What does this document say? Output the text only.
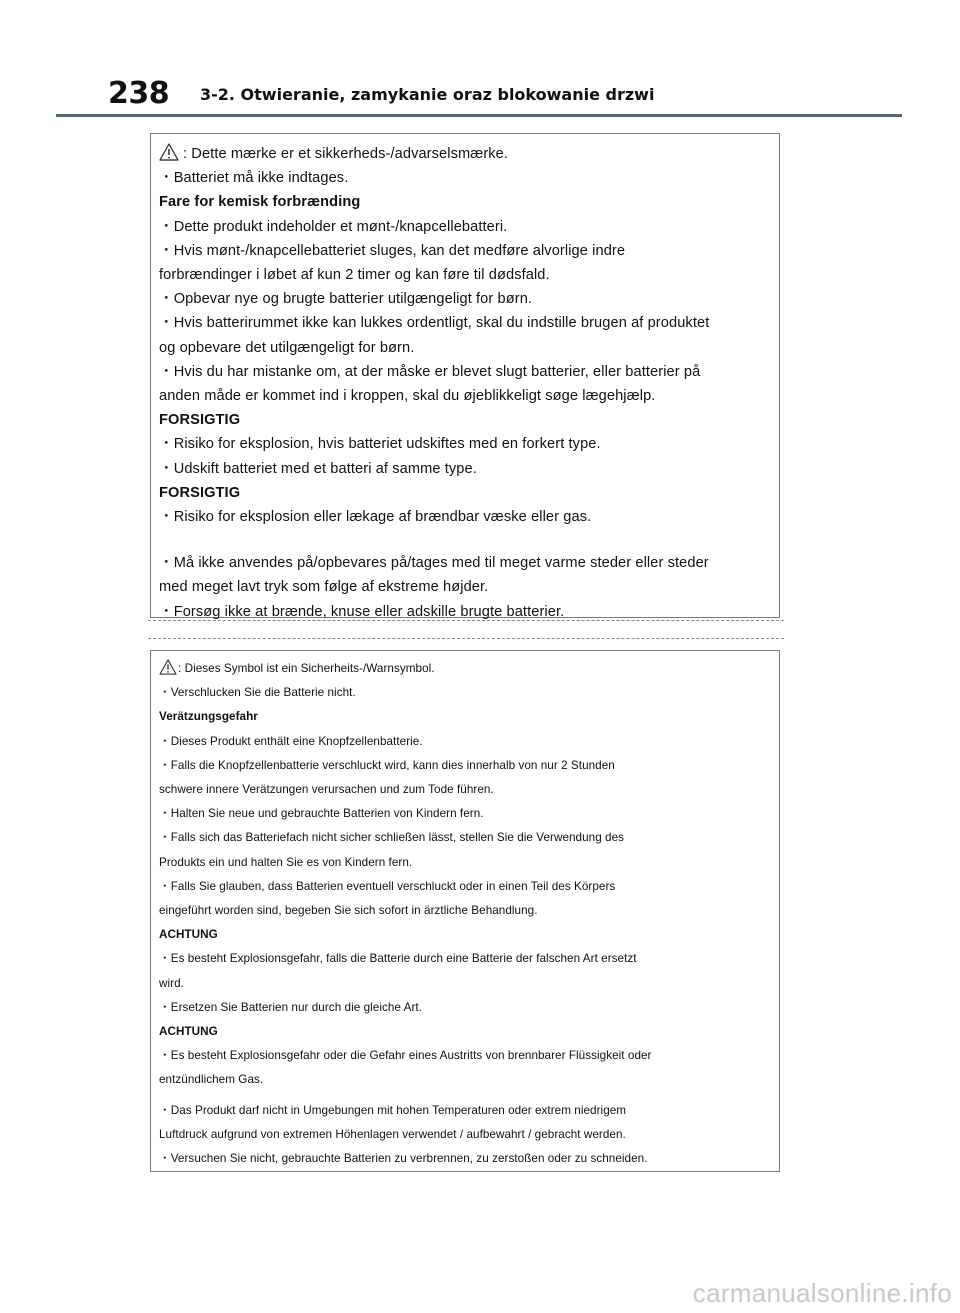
238 3-2. Otwieranie, zamykanie oraz blokowanie drzwi
: Dette mærke er et sikkerheds-/advarselsmærke.
・Batteriet må ikke indtages.
Fare for kemisk forbrænding
・Dette produkt indeholder et mønt-/knapcellebatteri.
・Hvis mønt-/knapcellebatteriet sluges, kan det medføre alvorlige indre
forbrændinger i løbet af kun 2 timer og kan føre til dødsfald.
・Opbevar nye og brugte batterier utilgængeligt for børn.
・Hvis batterirummet ikke kan lukkes ordentligt, skal du indstille brugen af produktet
og opbevare det utilgængeligt for børn.
・Hvis du har mistanke om, at der måske er blevet slugt batterier, eller batterier på
anden måde er kommet ind i kroppen, skal du øjeblikkeligt søge lægehjælp.
FORSIGTIG
・Risiko for eksplosion, hvis batteriet udskiftes med en forkert type.
・Udskift batteriet med et batteri af samme type.
FORSIGTIG
・Risiko for eksplosion eller lækage af brændbar væske eller gas.
・Må ikke anvendes på/opbevares på/tages med til meget varme steder eller steder
med meget lavt tryk som følge af ekstreme højder.
・Forsøg ikke at brænde, knuse eller adskille brugte batterier.
: Dieses Symbol ist ein Sicherheits-/Warnsymbol.
・Verschlucken Sie die Batterie nicht.
Verätzungsgefahr
・Dieses Produkt enthält eine Knopfzellenbatterie.
・Falls die Knopfzellenbatterie verschluckt wird, kann dies innerhalb von nur 2 Stunden
schwere innere Verätzungen verursachen und zum Tode führen.
・Halten Sie neue und gebrauchte Batterien von Kindern fern.
・Falls sich das Batteriefach nicht sicher schließen lässt, stellen Sie die Verwendung des
Produkts ein und halten Sie es von Kindern fern.
・Falls Sie glauben, dass Batterien eventuell verschluckt oder in einen Teil des Körpers
eingeführt worden sind, begeben Sie sich sofort in ärztliche Behandlung.
ACHTUNG
・Es besteht Explosionsgefahr, falls die Batterie durch eine Batterie der falschen Art ersetzt
wird.
・Ersetzen Sie Batterien nur durch die gleiche Art.
ACHTUNG
・Es besteht Explosionsgefahr oder die Gefahr eines Austritts von brennbarer Flüssigkeit oder
entzündlichem Gas.
・Das Produkt darf nicht in Umgebungen mit hohen Temperaturen oder extrem niedrigem
Luftdruck aufgrund von extremen Höhenlagen verwendet / aufbewahrt / gebracht werden.
・Versuchen Sie nicht, gebrauchte Batterien zu verbrennen, zu zerstoßen oder zu schneiden.
carmanualsonline.info
